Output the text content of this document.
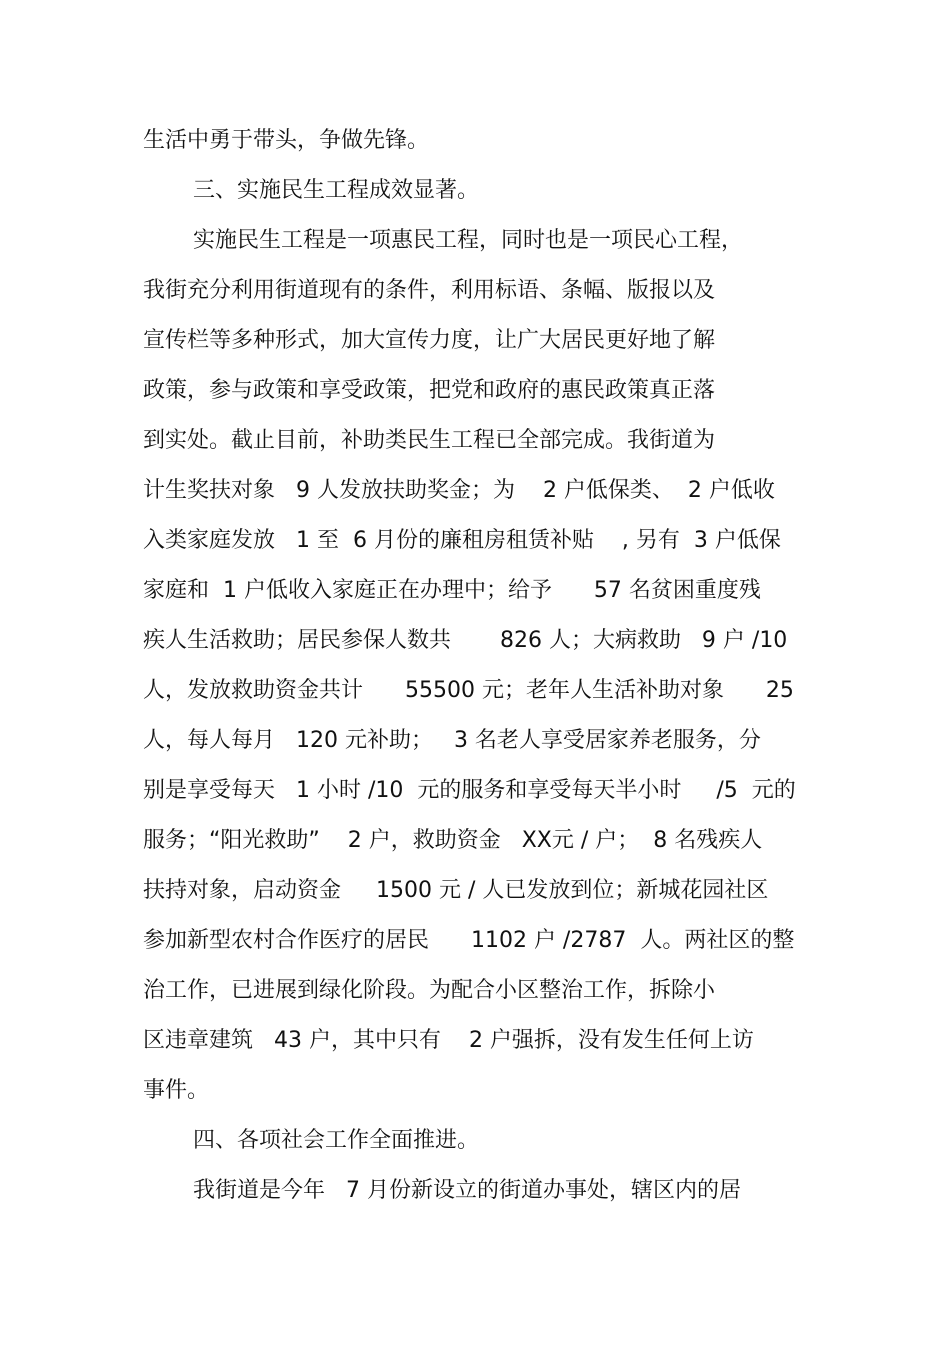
生活中勇于带头，争做先锋。
三、实施民生工程成效显著。
实施民生工程是一项惠民工程，同时也是一项民心工程，
我街充分利用街道现有的条件，利用标语、条幅、版报以及
宣传栏等多种形式，加大宣传力度，让广大居民更好地了解
政策，参与政策和享受政策，把党和政府的惠民政策真正落
到实处。截止目前，补助类民生工程已全部完成。我街道为
计生奖扶对象   9 人发放扶助奖金；为    2 户低保类、  2 户低收
入类家庭发放   1 至  6 月份的廉租房租赁补贴    , 另有  3 户低保
家庭和  1 户低收入家庭正在办理中；给予      57 名贫困重度残
疾人生活救助；居民参保人数共       826 人；大病救助   9 户 /10
人，发放救助资金共计      55500 元；老年人生活补助对象      25
人，每人每月   120 元补助；   3 名老人享受居家养老服务，分
别是享受每天   1 小时 /10  元的服务和享受每天半小时     /5  元的
服务；“阳光救助”    2 户，救助资金   XX元 / 户；  8 名残疾人
扶持对象，启动资金     1500 元 / 人已发放到位；新城花园社区
参加新型农村合作医疗的居民      1102 户 /2787  人。两社区的整
治工作，已进展到绿化阶段。为配合小区整治工作，拆除小
区违章建筑   43 户，其中只有    2 户强拆，没有发生任何上访
事件。
四、各项社会工作全面推进。
我街道是今年   7 月份新设立的街道办事处，辖区内的居
